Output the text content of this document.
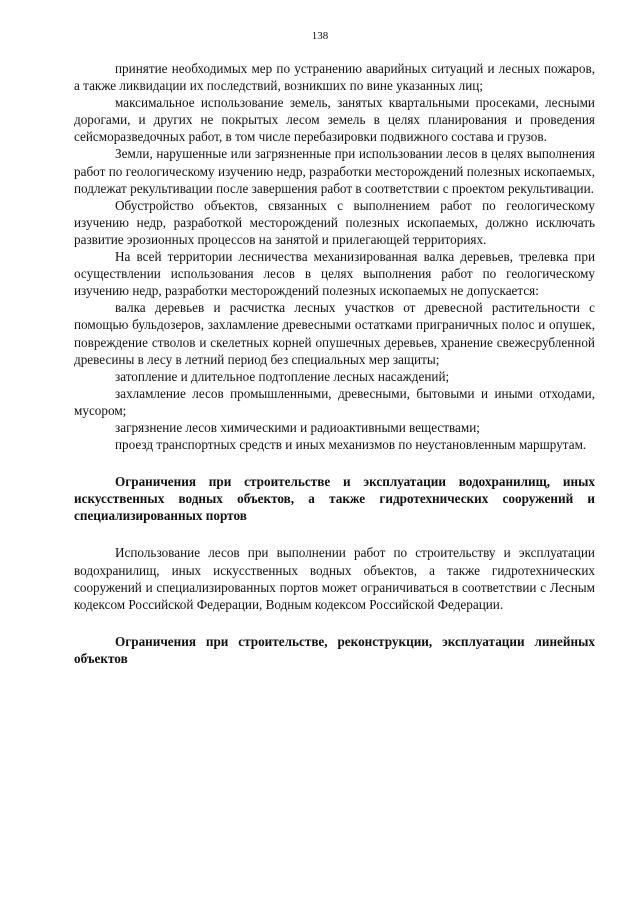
138

принятие необходимых мер по устранению аварийных ситуаций и лесных пожаров, а также ликвидации их последствий, возникших по вине указанных лиц;

максимальное использование земель, занятых квартальными просеками, лесными дорогами, и других не покрытых лесом земель в целях планирования и проведения сейсморазведочных работ, в том числе перебазировки подвижного состава и грузов.

Земли, нарушенные или загрязненные при использовании лесов в целях выполнения работ по геологическому изучению недр, разработки месторождений полезных ископаемых, подлежат рекультивации после завершения работ в соответствии с проектом рекультивации.

Обустройство объектов, связанных с выполнением работ по геологическому изучению недр, разработкой месторождений полезных ископаемых, должно исключать развитие эрозионных процессов на занятой и прилегающей территориях.

На всей территории лесничества механизированная валка деревьев, трелевка при осуществлении использования лесов в целях выполнения работ по геологическому изучению недр, разработки месторождений полезных ископаемых не допускается:

валка деревьев и расчистка лесных участков от древесной растительности с помощью бульдозеров, захламление древесными остатками приграничных полос и опушек, повреждение стволов и скелетных корней опушечных деревьев, хранение свежесрубленной древесины в лесу в летний период без специальных мер защиты;

затопление и длительное подтопление лесных насаждений;

захламление лесов промышленными, древесными, бытовыми и иными отходами, мусором;

загрязнение лесов химическими и радиоактивными веществами;

проезд транспортных средств и иных механизмов по неустановленным маршрутам.

Ограничения при строительстве и эксплуатации водохранилищ, иных искусственных водных объектов, а также гидротехнических сооружений и специализированных портов

Использование лесов при выполнении работ по строительству и эксплуатации водохранилищ, иных искусственных водных объектов, а также гидротехнических сооружений и специализированных портов может ограничиваться в соответствии с Лесным кодексом Российской Федерации, Водным кодексом Российской Федерации.

Ограничения при строительстве, реконструкции, эксплуатации линейных объектов
